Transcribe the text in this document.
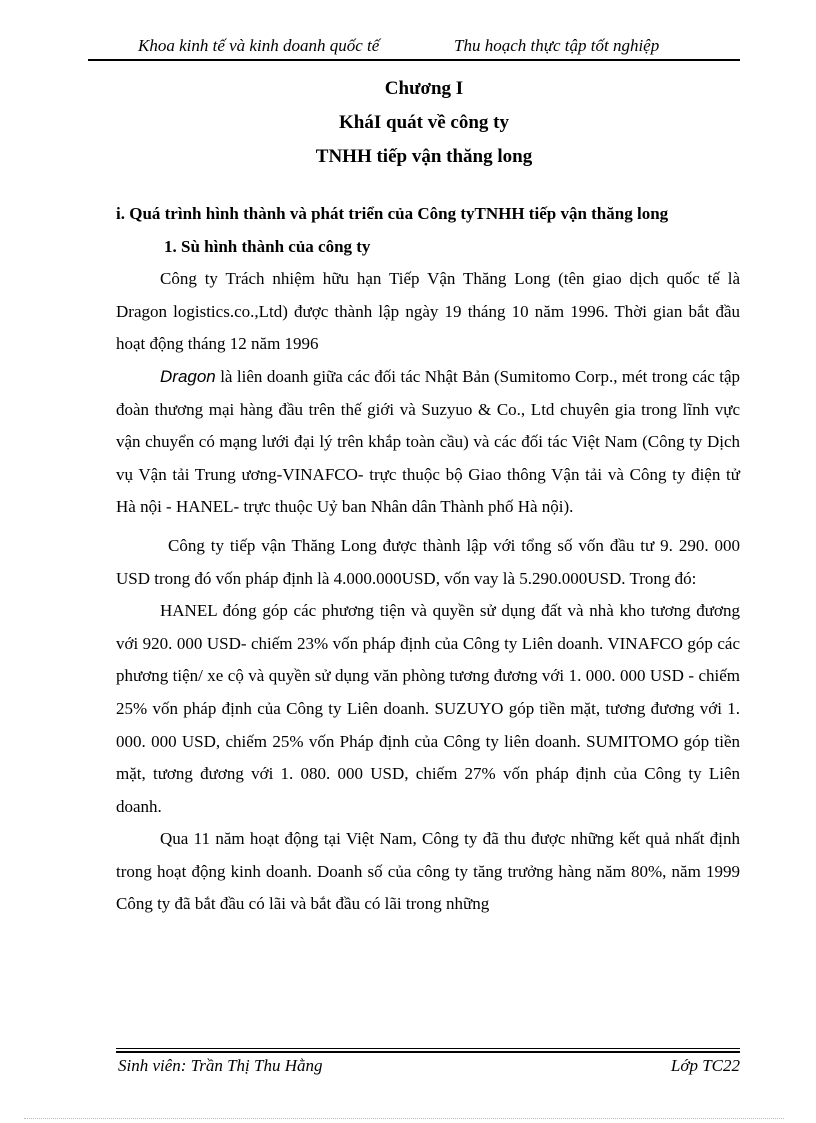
Khoa kinh tế và kinh doanh quốc tế	Thu hoạch thực tập tốt nghiệp
Chương I
KháI quát về công ty
TNHH tiếp vận thăng long

i. Quá trình hình thành và phát triển của Công tyTNHH tiếp vận thăng long

1. Sù hình thành của công ty

Công ty Trách nhiệm hữu hạn Tiếp Vận Thăng Long (tên giao dịch quốc tế là Dragon logistics.co.,Ltd) được thành lập ngày 19 tháng 10 năm 1996. Thời gian bắt đầu hoạt động tháng 12 năm 1996

Dragon là liên doanh giữa các đối tác Nhật Bản (Sumitomo Corp., mét trong các tập đoàn thương mại hàng đầu trên thế giới và Suzyuo & Co., Ltd chuyên gia trong lĩnh vực vận chuyển có mạng lưới đại lý trên khắp toàn cầu) và các đối tác Việt Nam (Công ty Dịch vụ Vận tải Trung ương-VINAFCO- trực thuộc bộ Giao thông Vận tải và Công ty điện tử Hà nội - HANEL- trực thuộc Uỷ ban Nhân dân Thành phố Hà nội).

Công ty tiếp vận Thăng Long được thành lập với tổng số vốn đầu tư 9. 290. 000 USD trong đó vốn pháp định là 4.000.000USD, vốn vay là 5.290.000USD. Trong đó:

HANEL đóng góp các phương tiện và quyền sử dụng đất và nhà kho tương đương với 920. 000 USD- chiếm 23% vốn pháp định của Công ty Liên doanh. VINAFCO góp các phương tiện/ xe cộ và quyền sử dụng văn phòng tương đương với 1. 000. 000 USD - chiếm 25% vốn pháp định của Công ty Liên doanh. SUZUYO góp tiền mặt, tương đương với 1. 000. 000 USD, chiếm 25% vốn Pháp định của Công ty liên doanh. SUMITOMO góp tiền mặt, tương đương với 1. 080. 000 USD, chiếm 27% vốn pháp định của Công ty Liên doanh.

Qua 11 năm hoạt động tại Việt Nam, Công ty đã thu được những kết quả nhất định trong hoạt động kinh doanh. Doanh số của công ty tăng trưởng hàng năm 80%, năm 1999 Công ty đã bắt đầu có lãi và bắt đầu có lãi trong những

Sinh viên: Trần Thị Thu Hằng	Lớp TC22
